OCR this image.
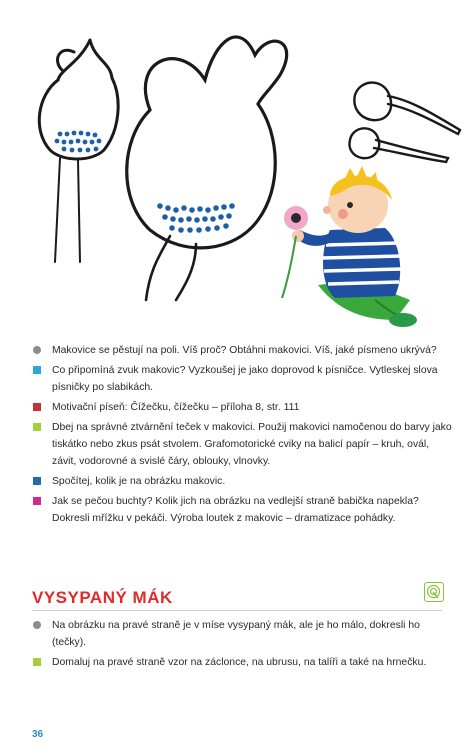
Makovice se pěstují na poli. Víš proč? Obtáhni makovici. Víš, jaké písmeno ukrývá?
Co připomíná zvuk makovic? Vyzkoušej je jako doprovod k písničce. Vytleskej slova písničky po slabikách.
Motivační píseň: Čížečku, čížečku – příloha 8, str. 111
Dbej na správné ztvárnění teček v makovici. Použij makovici namočenou do barvy jako tiskátko nebo zkus psát stvolem. Grafomotorické cviky na balicí papír – kruh, ovál, závit, vodorovné a svislé čáry, oblouky, vlnovky.
Spočítej, kolik je na obrázku makovic.
Jak se pečou buchty? Kolik jich na obrázku na vedlejší straně babička napekla? Dokresli mřížku v pekáči. Výroba loutek z makovic – dramatizace pohádky.
VYSYPANÝ MÁK
Na obrázku na pravé straně je v míse vysypaný mák, ale je ho málo, dokresli ho (tečky).
Domaluj na pravé straně vzor na záclonce, na ubrusu, na talíři a také na hrnečku.
36
